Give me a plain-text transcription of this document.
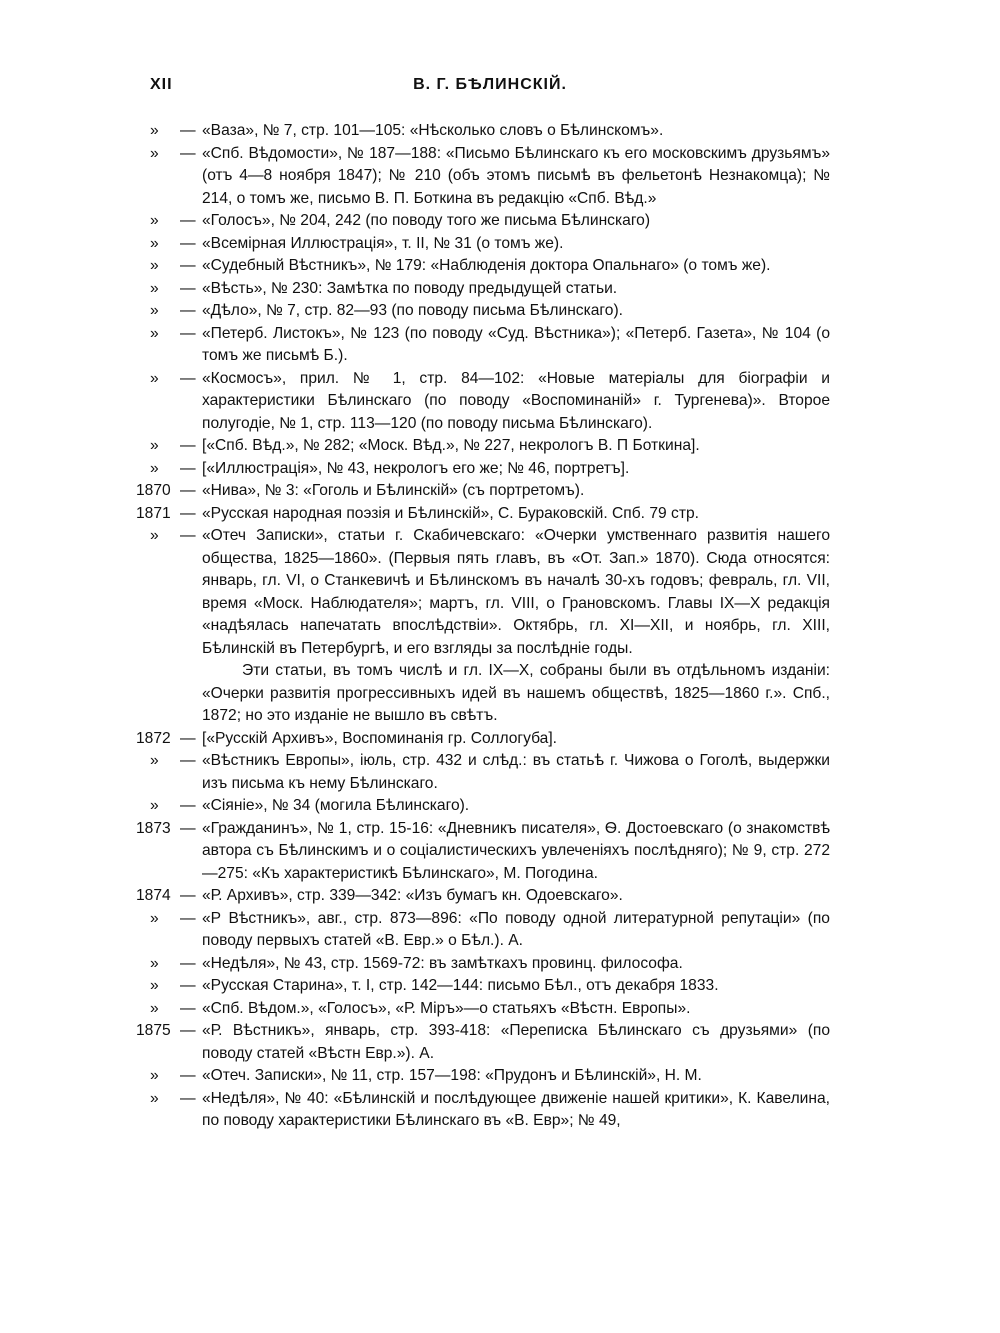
XII	В. Г. БѢЛИНСКІЙ.
»	— «Ваза», № 7, стр. 101—105: «Нѣсколько словъ о Бѣлинскомъ».
»	— «Спб. Вѣдомости», № 187—188: «Письмо Бѣлинскаго къ его московскимъ друзьямъ» (отъ 4—8 ноября 1847); № 210 (объ этомъ письмѣ въ фельетонѣ Незнакомца); № 214, о томъ же, письмо В. П. Боткина въ редакцію «Спб. Вѣд.»
»	— «Голосъ», № 204, 242 (по поводу того же письма Бѣлинскаго)
»	— «Всемірная Иллюстрація», т. II, № 31 (о томъ же).
»	— «Судебный Вѣстникъ», № 179: «Наблюденія доктора Опальнаго» (о томъ же).
»	— «Вѣсть», № 230: Замѣтка по поводу предыдущей статьи.
»	— «Дѣло», № 7, стр. 82—93 (по поводу письма Бѣлинскаго).
»	— «Петерб. Листокъ», № 123 (по поводу «Суд. Вѣстника»); «Петерб. Газета», № 104 (о томъ же письмѣ Б.).
»	— «Космосъ», прил. № 1, стр. 84—102: «Новые матеріалы для біографіи и характеристики Бѣлинскаго (по поводу «Воспоминаній» г. Тургенева)». Второе полугодіе, № 1, стр. 113—120 (по поводу письма Бѣлинскаго).
»	— [«Спб. Вѣд.», № 282; «Моск. Вѣд.», № 227, некрологъ В. П Боткина].
»	— [«Иллюстрація», № 43, некрологъ его же; № 46, портретъ].
1870 — «Нива», № 3: «Гоголь и Бѣлинскій» (съ портретомъ).
1871 — «Русская народная поэзія и Бѣлинскій», С. Бураковскій. Спб. 79 стр.
»	— «Отеч Записки», статьи г. Скабичевскаго: «Очерки умственнаго развитія нашего общества, 1825—1860». (Первыя пять главъ, въ «От. Зап.» 1870). Сюда относятся: январь, гл. VI, о Станкевичѣ и Бѣлинскомъ въ началѣ 30-хъ годовъ; февраль, гл. VII, время «Моск. Наблюдателя»; мартъ, гл. VIII, о Грановскомъ. Главы IX—X редакція «надѣялась напечатать впослѣдствіи». Октябрь, гл. XI—XII, и ноябрь, гл. XIII, Бѣлинскій въ Петербургѣ, и его взгляды за послѣдніе годы.
Эти статьи, въ томъ числѣ и гл. IX—X, собраны были въ отдѣльномъ изданіи: «Очерки развитія прогрессивныхъ идей въ нашемъ обществѣ, 1825—1860 г.». Спб., 1872; но это изданіе не вышло въ свѣтъ.
1872 — [«Русскій Архивъ», Воспоминанія гр. Соллогуба].
»	— «Вѣстникъ Европы», іюль, стр. 432 и слѣд.: въ статьѣ г. Чижова о Гоголѣ, выдержки изъ письма къ нему Бѣлинскаго.
»	— «Сіяніе», № 34 (могила Бѣлинскаго).
1873 — «Гражданинъ», № 1, стр. 15-16: «Дневникъ писателя», Ѳ. Достоевскаго (о знакомствѣ автора съ Бѣлинскимъ и о соціалистическихъ увлеченіяхъ послѣдняго); № 9, стр. 272—275: «Къ характеристикѣ Бѣлинскаго», М. Погодина.
1874 — «Р. Архивъ», стр. 339—342: «Изъ бумагъ кн. Одоевскаго».
»	— «Р Вѣстникъ», авг., стр. 873—896: «По поводу одной литературной репутаціи» (по поводу первыхъ статей «В. Евр.» о Бѣл.). А.
»	— «Недѣля», № 43, стр. 1569-72: въ замѣткахъ провинц. философа.
»	— «Русская Старина», т. I, стр. 142—144: письмо Бѣл., отъ декабря 1833.
»	— «Спб. Вѣдом.», «Голосъ», «Р. Міръ»—о статьяхъ «Вѣстн. Европы».
1875 — «Р. Вѣстникъ», январь, стр. 393-418: «Переписка Бѣлинскаго съ друзьями» (по поводу статей «Вѣстн Евр.»). А.
»	— «Отеч. Записки», № 11, стр. 157—198: «Прудонъ и Бѣлинскій», Н. М.
»	— «Недѣля», № 40: «Бѣлинскій и послѣдующее движеніе нашей критики», К. Кавелина, по поводу характеристики Бѣлинскаго въ «В. Евр»; № 49,
